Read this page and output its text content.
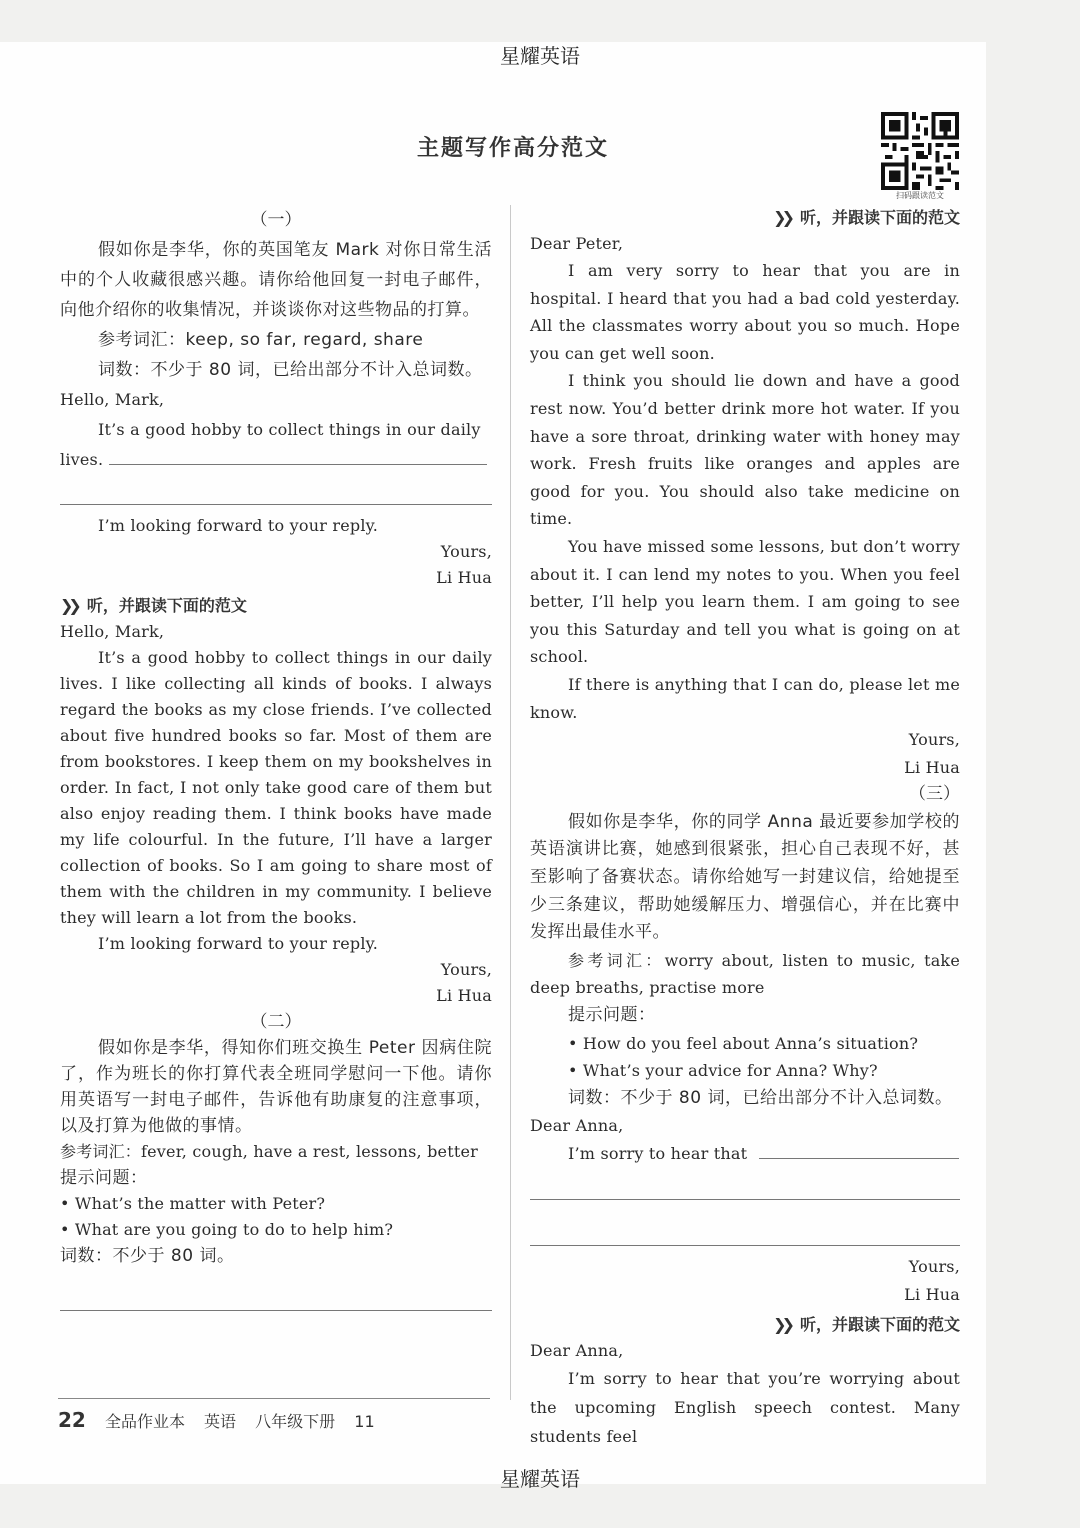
星耀英语
主题写作高分范文
扫码跟读范文
（一）

假如你是李华，你的英国笔友 Mark 对你日常生活中的个人收藏很感兴趣。请你给他回复一封电子邮件，向他介绍你的收集情况，并谈谈你对这些物品的打算。

参考词汇：keep, so far, regard, share

词数：不少于 80 词，已给出部分不计入总词数。

Hello, Mark,

It’s a good hobby to collect things in our daily

lives.

I’m looking forward to your reply.

Yours,

Li Hua

❯❯ 听，并跟读下面的范文

Hello, Mark,

It’s a good hobby to collect things in our daily lives. I like collecting all kinds of books. I always regard the books as my close friends. I’ve collected about five hundred books so far. Most of them are from bookstores. I keep them on my bookshelves in order. In fact, I not only take good care of them but also enjoy reading them. I think books have made my life colourful. In the future, I’ll have a larger collection of books. So I am going to share most of them with the children in my community. I believe they will learn a lot from the books.

I’m looking forward to your reply.

Yours,

Li Hua

（二）

假如你是李华，得知你们班交换生 Peter 因病住院了，作为班长的你打算代表全班同学慰问一下他。请你用英语写一封电子邮件，告诉他有助康复的注意事项，以及打算为他做的事情。

参考词汇：fever, cough, have a rest, lessons, better

提示问题：

• What’s the matter with Peter?

• What are you going to do to help him?

词数：不少于 80 词。

❯❯ 听，并跟读下面的范文

Dear Peter,

I am very sorry to hear that you are in hospital. I heard that you had a bad cold yesterday. All the classmates worry about you so much. Hope you can get well soon.

I think you should lie down and have a good rest now. You’d better drink more hot water. If you have a sore throat, drinking water with honey may work. Fresh fruits like oranges and apples are good for you. You should also take medicine on time.

You have missed some lessons, but don’t worry about it. I can lend my notes to you. When you feel better, I’ll help you learn them. I am going to see you this Saturday and tell you what is going on at school.

If there is anything that I can do, please let me know.

Yours,

Li Hua

（三）

假如你是李华，你的同学 Anna 最近要参加学校的英语演讲比赛，她感到很紧张，担心自己表现不好，甚至影响了备赛状态。请你给她写一封建议信，给她提至少三条建议，帮助她缓解压力、增强信心，并在比赛中发挥出最佳水平。

参考词汇：worry about, listen to music, take deep breaths, practise more

提示问题：

• How do you feel about Anna’s situation?

• What’s your advice for Anna? Why?

词数：不少于 80 词，已给出部分不计入总词数。

Dear Anna,

I’m sorry to hear that

Yours,

Li Hua

❯❯ 听，并跟读下面的范文

Dear Anna,

I’m sorry to hear that you’re worrying about the upcoming English speech contest. Many students feel

22 全品作业本 英语 八年级下册 11
星耀英语
